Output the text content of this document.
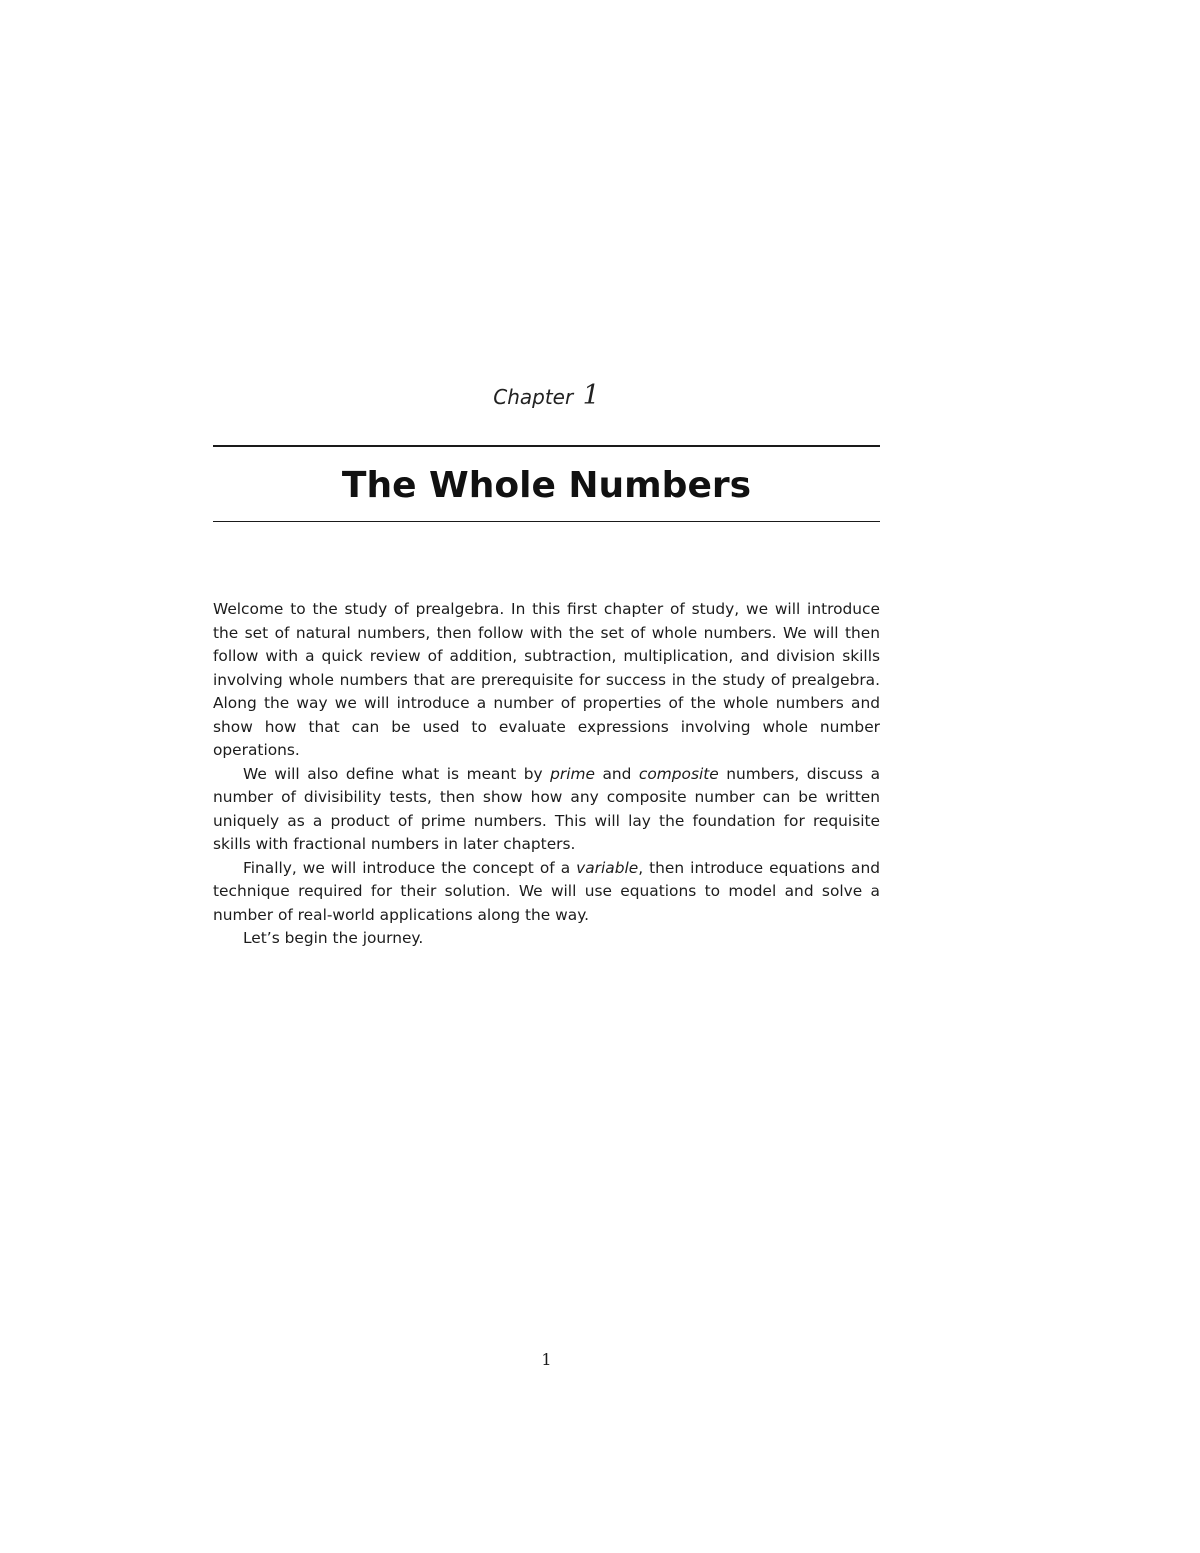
Chapter 1
The Whole Numbers

Welcome to the study of prealgebra. In this first chapter of study, we will introduce the set of natural numbers, then follow with the set of whole numbers. We will then follow with a quick review of addition, subtraction, multiplication, and division skills involving whole numbers that are prerequisite for success in the study of prealgebra. Along the way we will introduce a number of properties of the whole numbers and show how that can be used to evaluate expressions involving whole number operations.

We will also define what is meant by prime and composite numbers, discuss a number of divisibility tests, then show how any composite number can be written uniquely as a product of prime numbers. This will lay the foundation for requisite skills with fractional numbers in later chapters.

Finally, we will introduce the concept of a variable, then introduce equations and technique required for their solution. We will use equations to model and solve a number of real-world applications along the way.

Let’s begin the journey.

1
